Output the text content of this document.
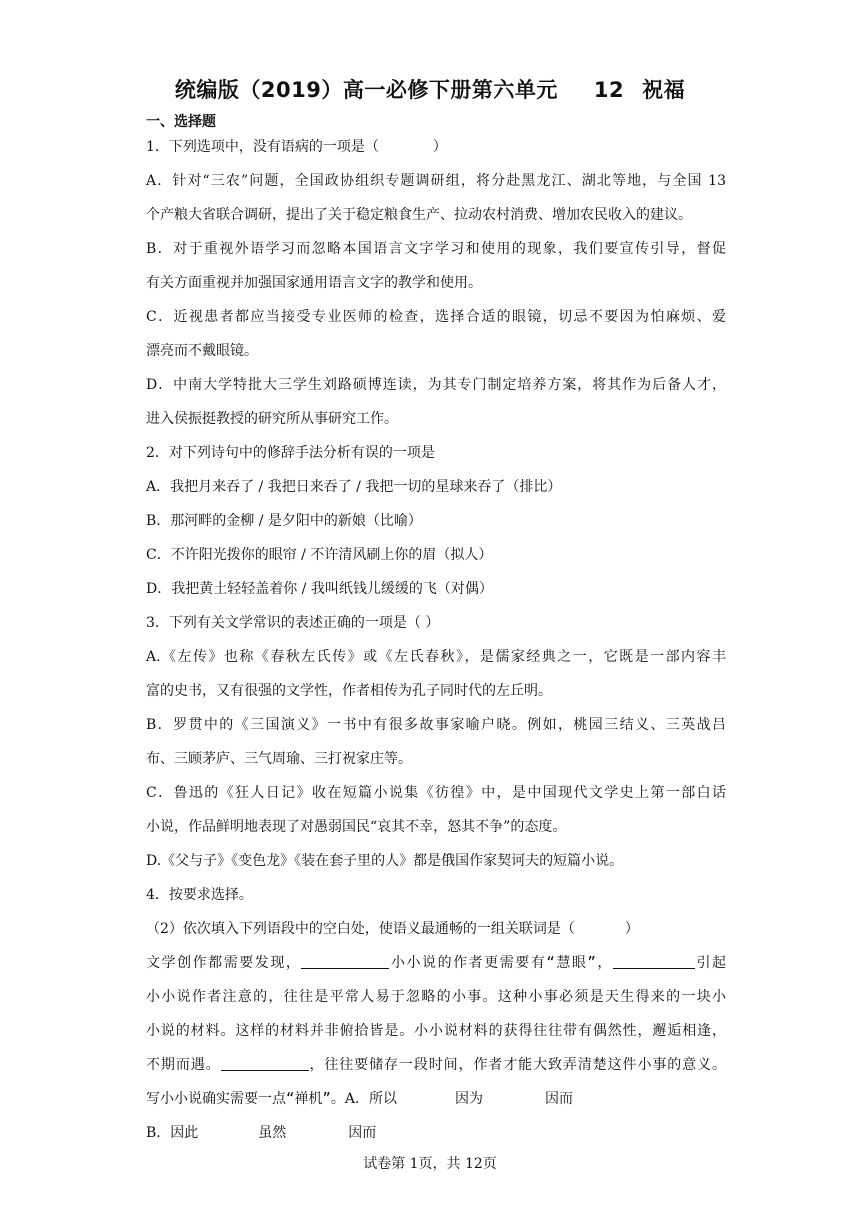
统编版（2019）高一必修下册第六单元 12 祝福
一、选择题
1．下列选项中，没有语病的一项是（	）
A．针对“三农”问题，全国政协组织专题调研组，将分赴黑龙江、湖北等地，与全国 13
个产粮大省联合调研，提出了关于稳定粮食生产、拉动农村消费、增加农民收入的建议。
B．对于重视外语学习而忽略本国语言文字学习和使用的现象，我们要宣传引导，督促
有关方面重视并加强国家通用语言文字的教学和使用。
C．近视患者都应当接受专业医师的检查，选择合适的眼镜，切忌不要因为怕麻烦、爱
漂亮而不戴眼镜。
D．中南大学特批大三学生刘路硕博连读，为其专门制定培养方案，将其作为后备人才，
进入侯振挺教授的研究所从事研究工作。
2．对下列诗句中的修辞手法分析有误的一项是
A．我把月来吞了 / 我把日来吞了 / 我把一切的星球来吞了（排比）
B．那河畔的金柳 / 是夕阳中的新娘（比喻）
C．不许阳光拨你的眼帘 / 不许清风刷上你的眉（拟人）
D．我把黄土轻轻盖着你 / 我叫纸钱儿缓缓的飞（对偶）
3．下列有关文学常识的表述正确的一项是（ ）
A.《左传》也称《春秋左氏传》或《左氏春秋》，是儒家经典之一，它既是一部内容丰
富的史书，又有很强的文学性，作者相传为孔子同时代的左丘明。
B．罗贯中的《三国演义》一书中有很多故事家喻户晓。例如，桃园三结义、三英战吕
布、三顾茅庐、三气周瑜、三打祝家庄等。
C．鲁迅的《狂人日记》收在短篇小说集《彷徨》中，是中国现代文学史上第一部白话
小说，作品鲜明地表现了对愚弱国民“哀其不幸，怒其不争”的态度。
D.《父与子》《变色龙》《装在套子里的人》都是俄国作家契诃夫的短篇小说。
4．按要求选择。
（2）依次填入下列语段中的空白处，使语义最通畅的一组关联词是（	）
文学创作都需要发现，	小小说的作者更需要有“慧眼”，	引起
小小说作者注意的，往往是平常人易于忽略的小事。这种小事必须是天生得来的一块小
小说的材料。这样的材料并非俯拾皆是。小小说材料的获得往往带有偶然性，邂逅相逢，
不期而遇。	，往往要储存一段时间，作者才能大致弄清楚这件小事的意义。
写小小说确实需要一点“禅机”。A．所以	因为	因而
B．因此	虽然	因而
试卷第 1页，共 12页
